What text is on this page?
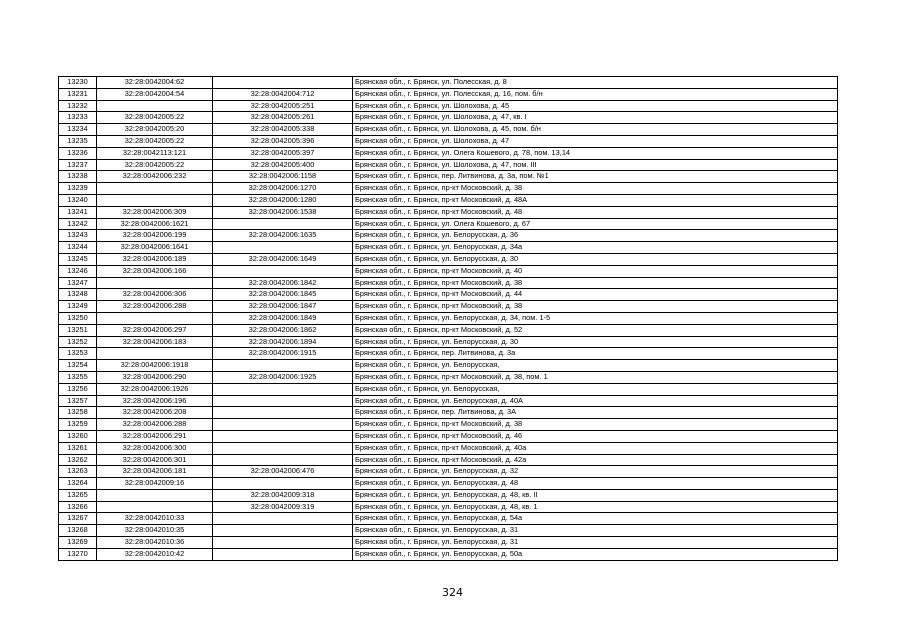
13230	32:28:0042004:62		Брянская обл., г. Брянск, ул. Полесская, д. 8
13231	32:28:0042004:54	32:28:0042004:712	Брянская обл., г. Брянск, ул. Полесская, д. 16, пом. б/н
13232		32:28:0042005:251	Брянская обл., г. Брянск, ул. Шолохова, д. 45
13233	32:28:0042005:22	32:28:0042005:261	Брянская обл., г. Брянск, ул. Шолохова, д. 47, кв. I
13234	32:28:0042005:20	32:28:0042005:338	Брянская обл., г. Брянск, ул. Шолохова, д. 45, пом. б/н
13235	32:28:0042005:22	32:28:0042005:396	Брянская обл., г. Брянск, ул. Шолохова, д. 47
13236	32:28:0042113:121	32:28:0042005:397	Брянская обл., г. Брянск, ул. Олега Кошевого, д. 78, пом. 13,14
13237	32:28:0042005:22	32:28:0042005:400	Брянская обл., г. Брянск, ул. Шолохова, д. 47, пом. III
13238	32:28:0042006:232	32:28:0042006:1158	Брянская обл., г. Брянск, пер. Литвинова, д. 3а, пом. №1
13239		32:28:0042006:1270	Брянская обл., г. Брянск, пр-кт Московский, д. 38
13240		32:28:0042006:1280	Брянская обл., г. Брянск, пр-кт Московский, д. 48А
13241	32:28:0042006:309	32:28:0042006:1538	Брянская обл., г. Брянск, пр-кт Московский, д. 48
13242	32:28:0042006:1621		Брянская обл., г. Брянск, ул. Олега Кошевого, д. 67
13243	32:28:0042006:199	32:28:0042006:1635	Брянская обл., г. Брянск, ул. Белорусская, д. 36
13244	32:28:0042006:1641		Брянская обл., г. Брянск, ул. Белорусская, д. 34а
13245	32:28:0042006:189	32:28:0042006:1649	Брянская обл., г. Брянск, ул. Белорусская, д. 30
13246	32:28:0042006:166		Брянская обл., г. Брянск, пр-кт Московский, д. 40
13247		32:28:0042006:1842	Брянская обл., г. Брянск, пр-кт Московский, д. 38
13248	32:28:0042006:306	32:28:0042006:1845	Брянская обл., г. Брянск, пр-кт Московский, д. 44
13249	32:28:0042006:288	32:28:0042006:1847	Брянская обл., г. Брянск, пр-кт Московский, д. 38
13250		32:28:0042006:1849	Брянская обл., г. Брянск, ул. Белорусская, д. 34, пом. 1-5
13251	32:28:0042006:297	32:28:0042006:1862	Брянская обл., г. Брянск, пр-кт Московский, д. 52
13252	32:28:0042006:183	32:28:0042006:1894	Брянская обл., г. Брянск, ул. Белорусская, д. 30
13253		32:28:0042006:1915	Брянская обл., г. Брянск, пер. Литвинова, д. 3а
13254	32:28:0042006:1918		Брянская обл., г. Брянск, ул. Белорусская,
13255	32:28:0042006:290	32:28:0042006:1925	Брянская обл., г. Брянск, пр-кт Московский, д. 38, пом. 1
13256	32:28:0042006:1926		Брянская обл., г. Брянск, ул. Белорусская,
13257	32:28:0042006:196		Брянская обл., г. Брянск, ул. Белорусская, д. 40А
13258	32:28:0042006:208		Брянская обл., г. Брянск, пер. Литвинова, д. 3А
13259	32:28:0042006:288		Брянская обл., г. Брянск, пр-кт Московский, д. 38
13260	32:28:0042006:291		Брянская обл., г. Брянск, пр-кт Московский, д. 46
13261	32:28:0042006:300		Брянская обл., г. Брянск, пр-кт Московский, д. 40а
13262	32:28:0042006:301		Брянская обл., г. Брянск, пр-кт Московский, д. 42а
13263	32:28:0042006:181	32:28:0042006:476	Брянская обл., г. Брянск, ул. Белорусская, д. 32
13264	32:28:0042009:16		Брянская обл., г. Брянск, ул. Белорусская, д. 48
13265		32:28:0042009:318	Брянская обл., г. Брянск, ул. Белорусская, д. 48, кв. II
13266		32:28:0042009:319	Брянская обл., г. Брянск, ул. Белорусская, д. 48, кв. 1
13267	32:28:0042010:33		Брянская обл., г. Брянск, ул. Белорусская, д. 54а
13268	32:28:0042010:35		Брянская обл., г. Брянск, ул. Белорусская, д. 31
13269	32:28:0042010:36		Брянская обл., г. Брянск, ул. Белорусская, д. 31
13270	32:28:0042010:42		Брянская обл., г. Брянск, ул. Белорусская, д. 50а
324
